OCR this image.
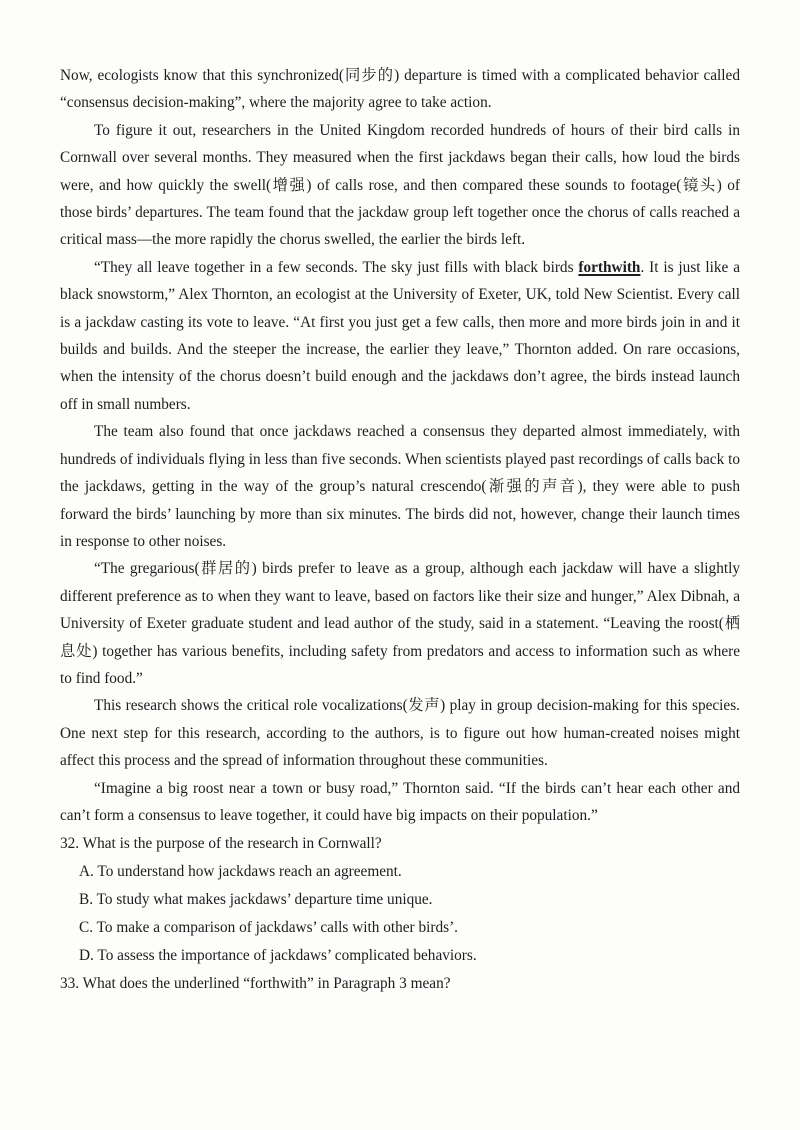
Now, ecologists know that this synchronized(同步的) departure is timed with a complicated behavior called “consensus decision-making”, where the majority agree to take action.

To figure it out, researchers in the United Kingdom recorded hundreds of hours of their bird calls in Cornwall over several months. They measured when the first jackdaws began their calls, how loud the birds were, and how quickly the swell(增强) of calls rose, and then compared these sounds to footage(镜头) of those birds’ departures. The team found that the jackdaw group left together once the chorus of calls reached a critical mass—the more rapidly the chorus swelled, the earlier the birds left.

“They all leave together in a few seconds. The sky just fills with black birds forthwith. It is just like a black snowstorm,” Alex Thornton, an ecologist at the University of Exeter, UK, told New Scientist. Every call is a jackdaw casting its vote to leave. “At first you just get a few calls, then more and more birds join in and it builds and builds. And the steeper the increase, the earlier they leave,” Thornton added. On rare occasions, when the intensity of the chorus doesn’t build enough and the jackdaws don’t agree, the birds instead launch off in small numbers.

The team also found that once jackdaws reached a consensus they departed almost immediately, with hundreds of individuals flying in less than five seconds. When scientists played past recordings of calls back to the jackdaws, getting in the way of the group’s natural crescendo(渐强的声音), they were able to push forward the birds’ launching by more than six minutes. The birds did not, however, change their launch times in response to other noises.

“The gregarious(群居的) birds prefer to leave as a group, although each jackdaw will have a slightly different preference as to when they want to leave, based on factors like their size and hunger,” Alex Dibnah, a University of Exeter graduate student and lead author of the study, said in a statement. “Leaving the roost(栖息处) together has various benefits, including safety from predators and access to information such as where to find food.”

This research shows the critical role vocalizations(发声) play in group decision-making for this species. One next step for this research, according to the authors, is to figure out how human-created noises might affect this process and the spread of information throughout these communities.

“Imagine a big roost near a town or busy road,” Thornton said. “If the birds can’t hear each other and can’t form a consensus to leave together, it could have big impacts on their population.”

32. What is the purpose of the research in Cornwall?

A. To understand how jackdaws reach an agreement.

B. To study what makes jackdaws’ departure time unique.

C. To make a comparison of jackdaws’ calls with other birds’.

D. To assess the importance of jackdaws’ complicated behaviors.

33. What does the underlined “forthwith” in Paragraph 3 mean?
